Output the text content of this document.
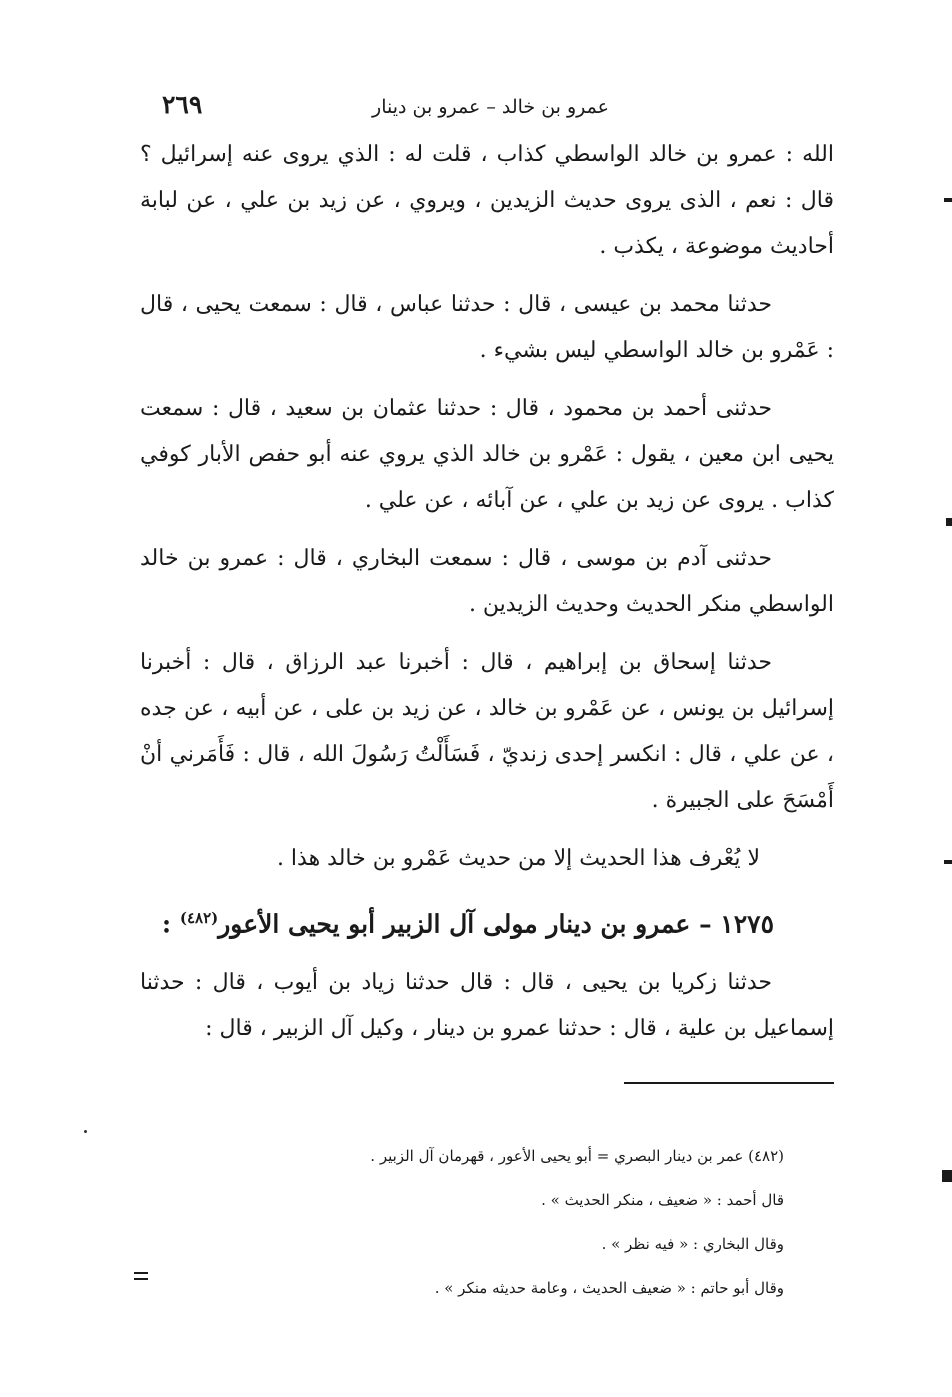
عمرو بن خالد – عمرو بن دينار
٢٦٩

الله : عمرو بن خالد الواسطي كذاب ، قلت له : الذي يروى عنه إسرائيل ؟ قال : نعم ، الذى يروى حديث الزيدين ، ويروي ، عن زيد بن علي ، عن لبابة أحاديث موضوعة ، يكذب .

حدثنا محمد بن عيسى ، قال : حدثنا عباس ، قال : سمعت يحيى ، قال : عَمْرو بن خالد الواسطي ليس بشيء .

حدثنى أحمد بن محمود ، قال : حدثنا عثمان بن سعيد ، قال : سمعت يحيى ابن معين ، يقول : عَمْرو بن خالد الذي يروي عنه أبو حفص الأبار كوفي كذاب . يروى عن زيد بن علي ، عن آبائه ، عن علي .

حدثنى آدم بن موسى ، قال : سمعت البخاري ، قال : عمرو بن خالد الواسطي منكر الحديث وحديث الزيدين .

حدثنا إسحاق بن إبراهيم ، قال : أخبرنا عبد الرزاق ، قال : أخبرنا إسرائيل بن يونس ، عن عَمْرو بن خالد ، عن زيد بن على ، عن أبيه ، عن جده ، عن علي ، قال : انكسر إحدى زنديّ ، فَسَأَلْتُ رَسُولَ الله ، قال : فَأَمَرني أنْ أَمْسَحَ على الجبيرة .

لا يُعْرف هذا الحديث إلا من حديث عَمْرو بن خالد هذا .

١٢٧٥ – عمرو بن دينار مولى آل الزبير أبو يحيى الأعور$^{(٤٨٢)}$ :

حدثنا زكريا بن يحيى ، قال : قال حدثنا زياد بن أيوب ، قال : حدثنا إسماعيل بن علية ، قال : حدثنا عمرو بن دينار ، وكيل آل الزبير ، قال :

(٤٨٢) عمر بن دينار البصري = أبو يحيى الأعور ، قهرمان آل الزبير .

قال أحمد : « ضعيف ، منكر الحديث » .

وقال البخاري : « فيه نظر » .

وقال أبو حاتم : « ضعيف الحديث ، وعامة حديثه منكر » .
